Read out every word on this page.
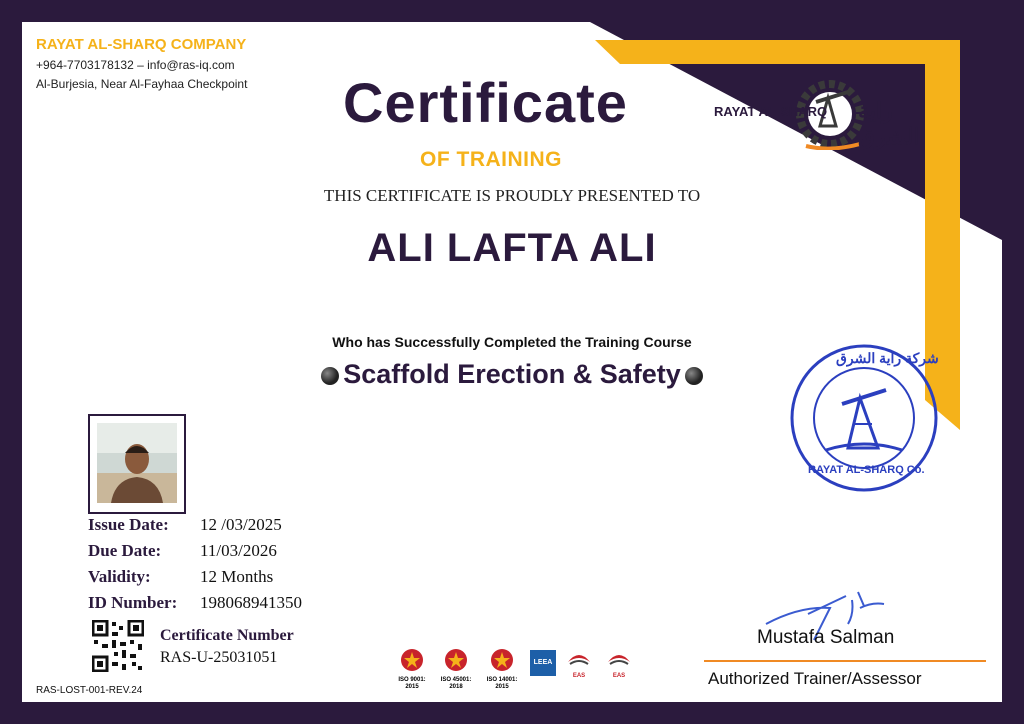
RAYAT AL-SHARQ COMPANY
+964-7703178132 – info@ras-iq.com
Al-Burjesia, Near Al-Fayhaa Checkpoint
RAYAT AL-SHARQ راية الشرق
Certificate
OF TRAINING
THIS CERTIFICATE IS PROUDLY PRESENTED TO
ALI LAFTA ALI
Who has Successfully Completed the Training Course
Scaffold Erection & Safety
Issue Date: 12 /03/2025
Due Date: 11/03/2026
Validity:	12 Months
ID Number: 198068941350
Certificate Number
RAS-U-25031051
RAS-LOST-001-REV.24
ISO 9001: 2015
ISO 45001: 2018
ISO 14001: 2015
LEEA
EAS	EAS
شركة راية الشرق
RAYAT AL-SHARQ Co.
Mustafa Salman
Authorized Trainer/Assessor
